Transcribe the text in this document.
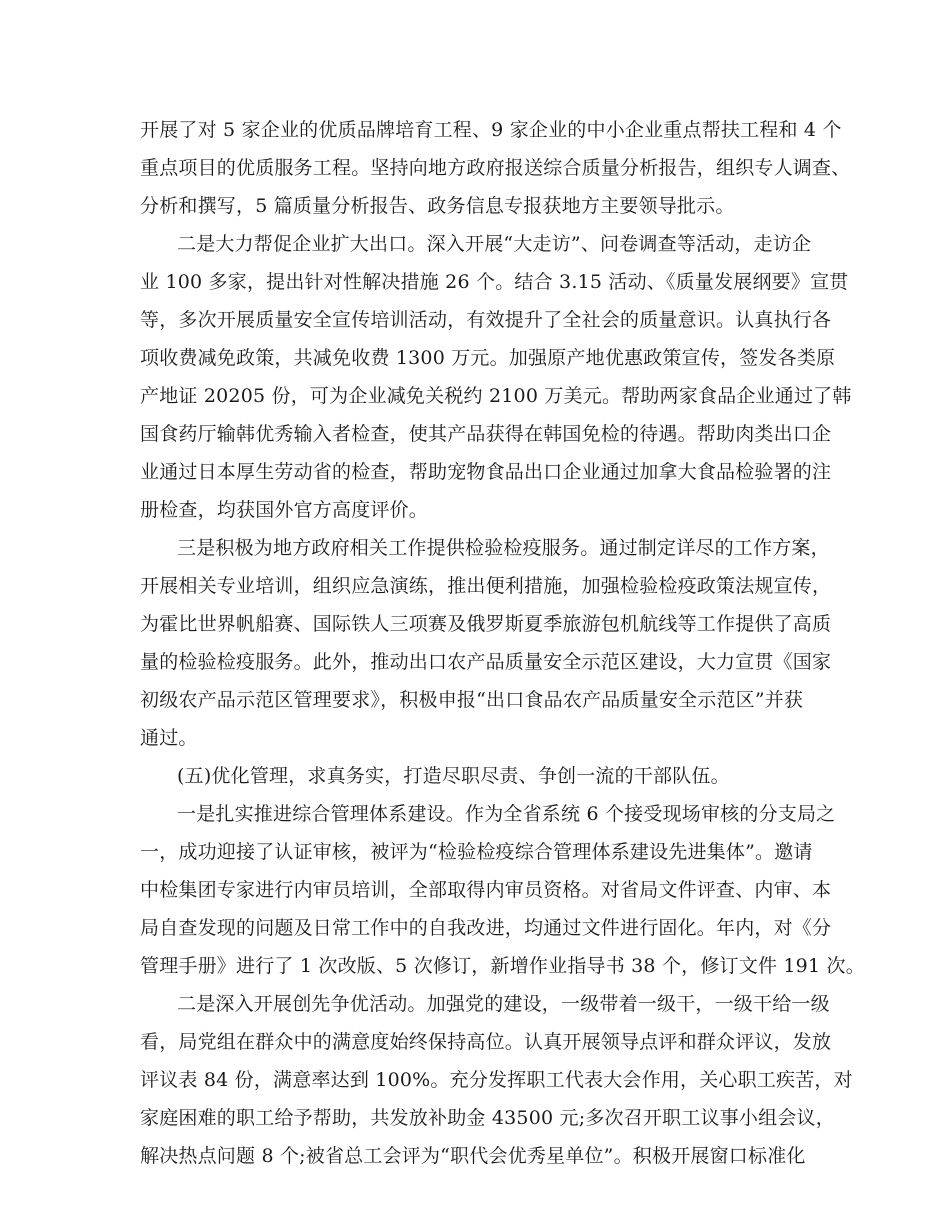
开展了对 5 家企业的优质品牌培育工程、9 家企业的中小企业重点帮扶工程和 4 个
重点项目的优质服务工程。坚持向地方政府报送综合质量分析报告，组织专人调查、
分析和撰写，5 篇质量分析报告、政务信息专报获地方主要领导批示。
二是大力帮促企业扩大出口。深入开展“大走访”、问卷调查等活动，走访企
业 100 多家，提出针对性解决措施 26 个。结合 3.15 活动、《质量发展纲要》宣贯
等，多次开展质量安全宣传培训活动，有效提升了全社会的质量意识。认真执行各
项收费减免政策，共减免收费 1300 万元。加强原产地优惠政策宣传，签发各类原
产地证 20205 份，可为企业减免关税约 2100 万美元。帮助两家食品企业通过了韩
国食药厅输韩优秀输入者检查，使其产品获得在韩国免检的待遇。帮助肉类出口企
业通过日本厚生劳动省的检查，帮助宠物食品出口企业通过加拿大食品检验署的注
册检查，均获国外官方高度评价。
三是积极为地方政府相关工作提供检验检疫服务。通过制定详尽的工作方案，
开展相关专业培训，组织应急演练，推出便利措施，加强检验检疫政策法规宣传，
为霍比世界帆船赛、国际铁人三项赛及俄罗斯夏季旅游包机航线等工作提供了高质
量的检验检疫服务。此外，推动出口农产品质量安全示范区建设，大力宣贯《国家
初级农产品示范区管理要求》，积极申报“出口食品农产品质量安全示范区”并获
通过。
(五)优化管理，求真务实，打造尽职尽责、争创一流的干部队伍。
一是扎实推进综合管理体系建设。作为全省系统 6 个接受现场审核的分支局之
一，成功迎接了认证审核，被评为“检验检疫综合管理体系建设先进集体”。邀请
中检集团专家进行内审员培训，全部取得内审员资格。对省局文件评查、内审、本
局自查发现的问题及日常工作中的自我改进，均通过文件进行固化。年内，对《分
管理手册》进行了 1 次改版、5 次修订，新增作业指导书 38 个，修订文件 191 次。
二是深入开展创先争优活动。加强党的建设，一级带着一级干，一级干给一级
看，局党组在群众中的满意度始终保持高位。认真开展领导点评和群众评议，发放
评议表 84 份，满意率达到 100%。充分发挥职工代表大会作用，关心职工疾苦，对
家庭困难的职工给予帮助，共发放补助金 43500 元;多次召开职工议事小组会议，
解决热点问题 8 个;被省总工会评为“职代会优秀星单位”。积极开展窗口标准化
